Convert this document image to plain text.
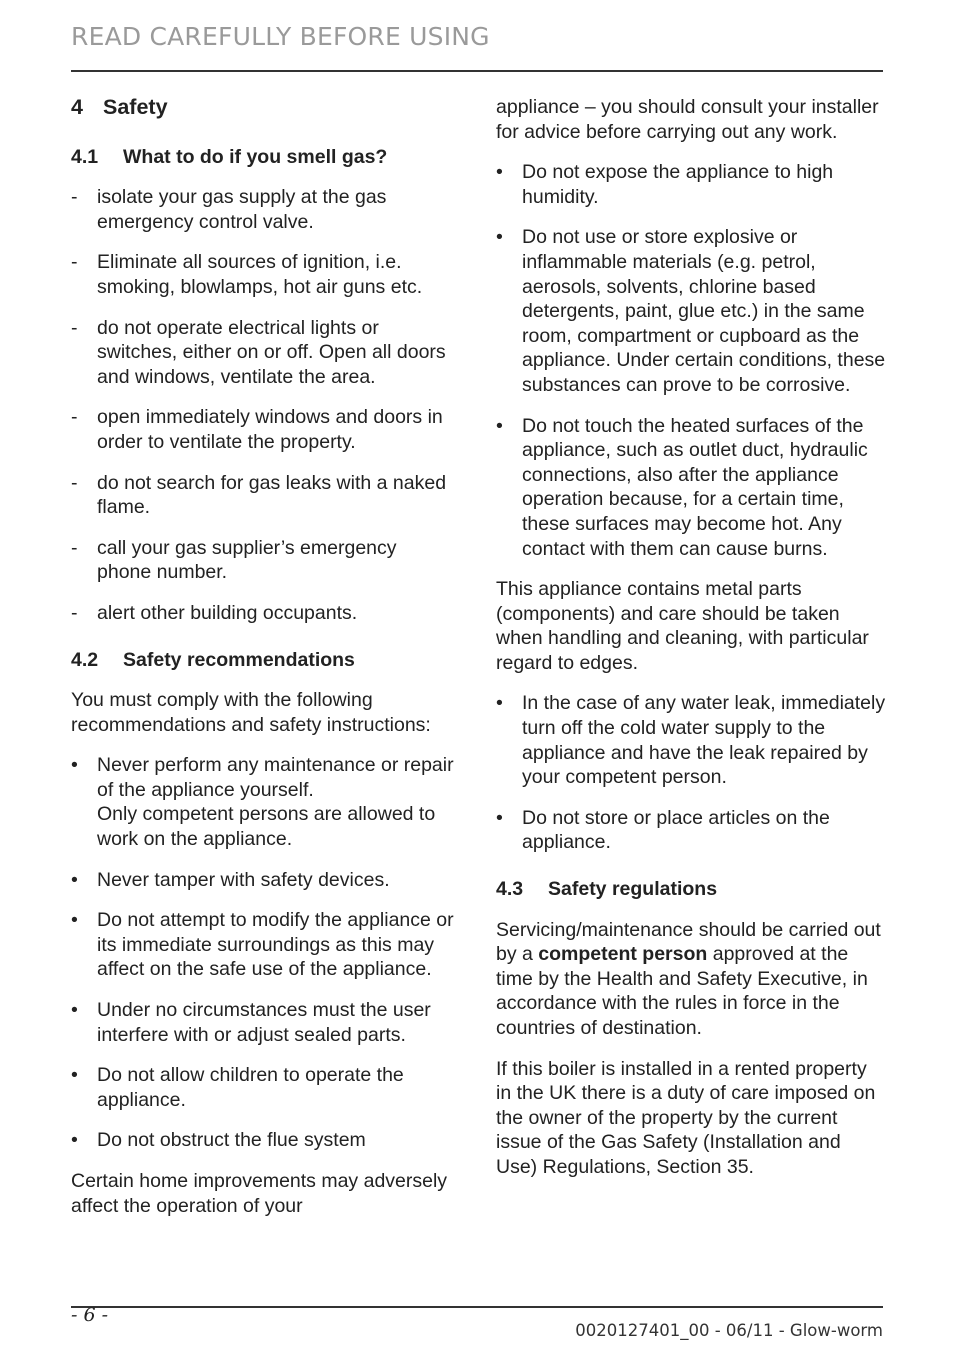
READ CAREFULLY BEFORE USING
4 Safety
4.1 What to do if you smell gas?
-	isolate your gas supply at the gas emergency control valve.
-	Eliminate all sources of ignition, i.e. smoking, blowlamps, hot air guns etc.
-	do not operate electrical lights or switches, either on or off. Open all doors and windows, ventilate the area.
-	open immediately windows and doors in order to ventilate the property.
-	do not search for gas leaks with a naked flame.
-	call your gas supplier’s emergency phone number.
-	alert other building occupants.
4.2 Safety recommendations
You must comply with the following recommendations and safety instructions:
• Never perform any maintenance or repair of the appliance yourself.
Only competent persons are allowed to work on the appliance.
• Never tamper with safety devices.
• Do not attempt to modify the appliance or its immediate surroundings as this may affect on the safe use of the appliance.
• Under no circumstances must the user interfere with or adjust sealed parts.
• Do not allow children to operate the appliance.
• Do not obstruct the flue system
Certain home improvements may adversely affect the operation of your
appliance – you should consult your installer for advice before carrying out any work.
• Do not expose the appliance to high humidity.
• Do not use or store explosive or inflammable materials (e.g. petrol, aerosols, solvents, chlorine based detergents, paint, glue etc.) in the same room, compartment or cupboard as the appliance. Under certain conditions, these substances can prove to be corrosive.
• Do not touch the heated surfaces of the appliance, such as outlet duct, hydraulic connections, also after the appliance operation because, for a certain time, these surfaces may become hot. Any contact with them can cause burns.
This appliance contains metal parts (components) and care should be taken when handling and cleaning, with particular regard to edges.
• In the case of any water leak, immediately turn off the cold water supply to the appliance and have the leak repaired by your competent person.
• Do not store or place articles on the appliance.
4.3 Safety regulations
Servicing/maintenance should be carried out by a competent person approved at the time by the Health and Safety Executive, in accordance with the rules in force in the countries of destination.
If this boiler is installed in a rented property in the UK there is a duty of care imposed on the owner of the property by the current issue of the Gas Safety (Installation and Use) Regulations, Section 35.
- 6 -
0020127401_00 - 06/11 - Glow-worm
